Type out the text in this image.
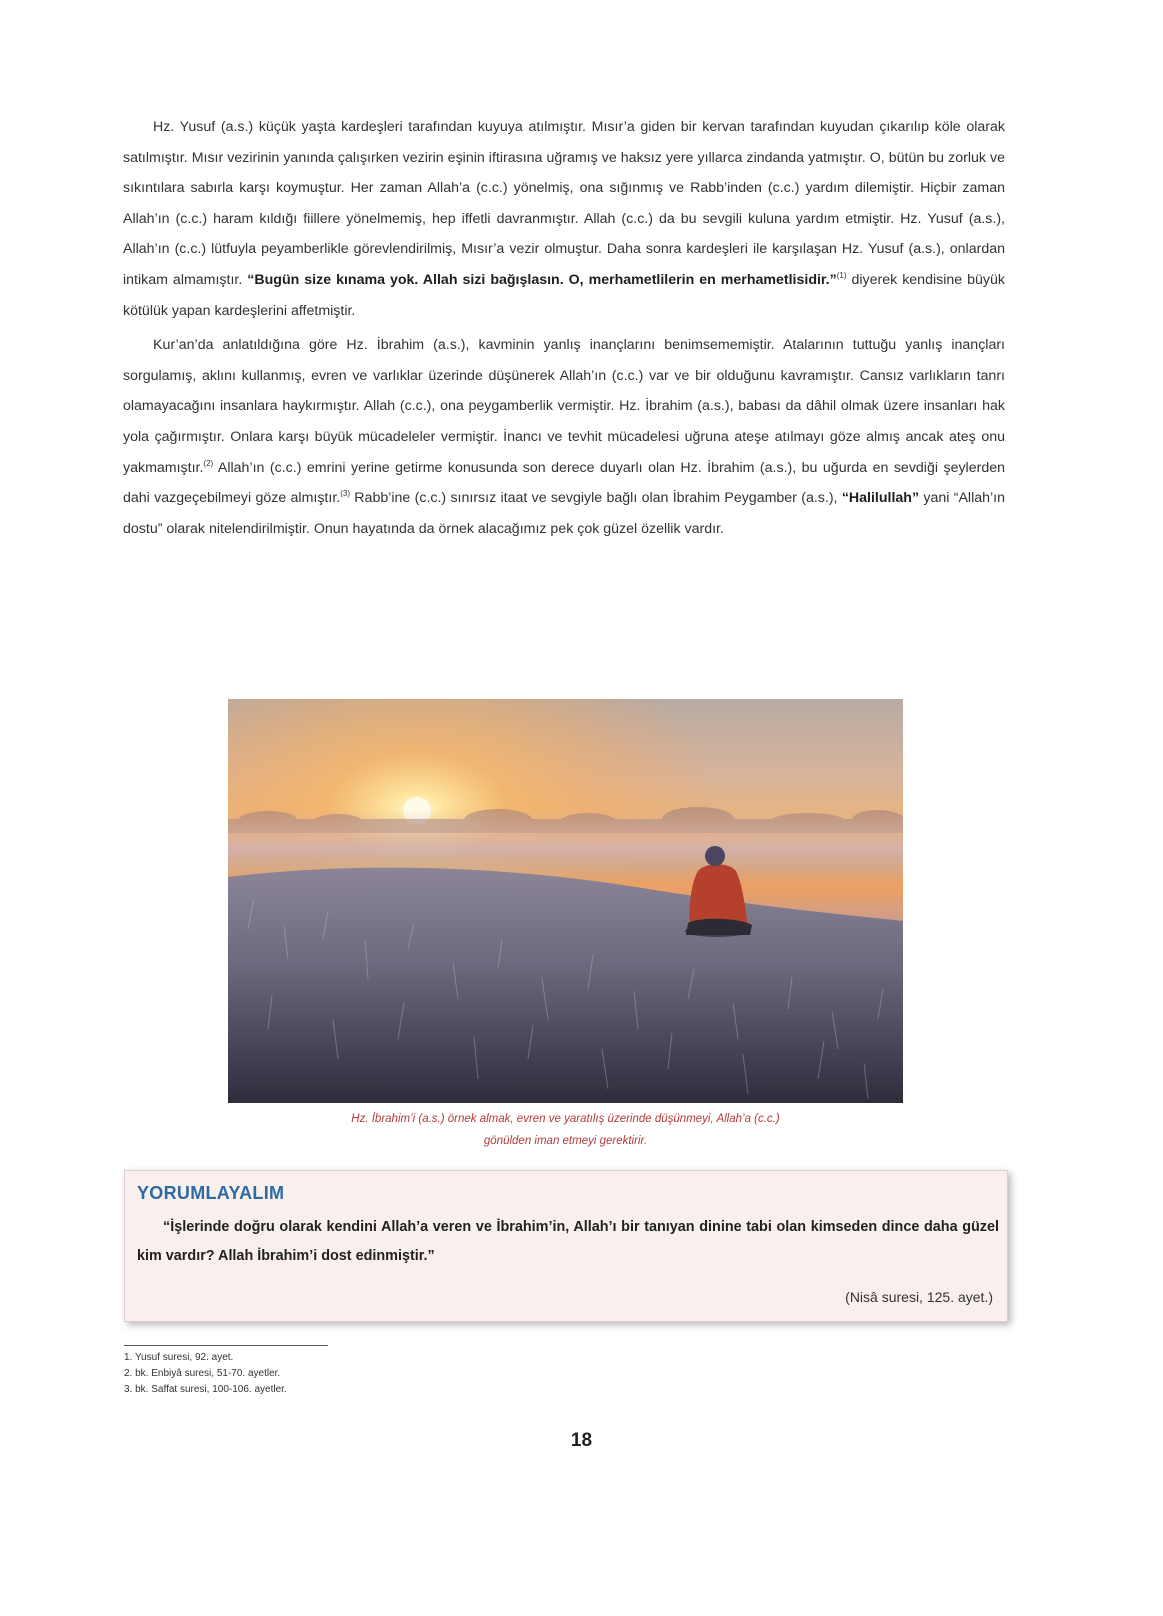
Hz. Yusuf (a.s.) küçük yaşta kardeşleri tarafından kuyuya atılmıştır. Mısır’a giden bir kervan tarafından kuyudan çıkarılıp köle olarak satılmıştır. Mısır vezirinin yanında çalışırken vezirin eşinin iftirasına uğramış ve haksız yere yıllarca zindanda yatmıştır. O, bütün bu zorluk ve sıkıntılara sabırla karşı koymuştur. Her zaman Allah’a (c.c.) yönelmiş, ona sığınmış ve Rabb’inden (c.c.) yardım dilemiştir. Hiçbir zaman Allah’ın (c.c.) haram kıldığı fiillere yönelmemiş, hep iffetli davranmıştır. Allah (c.c.) da bu sevgili kuluna yardım etmiştir. Hz. Yusuf (a.s.), Allah’ın (c.c.) lütfuyla peyamberlikle görevlendirilmiş, Mısır’a vezir olmuştur. Daha sonra kardeşleri ile karşılaşan Hz. Yusuf (a.s.), onlardan intikam almamıştır. “Bugün size kınama yok. Allah sizi bağışlasın. O, merhametlilerin en merhametlisidir.”$^{(1)}$ diyerek kendisine büyük kötülük yapan kardeşlerini affetmiştir.

Kur’an’da anlatıldığına göre Hz. İbrahim (a.s.), kavminin yanlış inançlarını benimsememiştir. Atalarının tuttuğu yanlış inançları sorgulamış, aklını kullanmış, evren ve varlıklar üzerinde düşünerek Allah’ın (c.c.) var ve bir olduğunu kavramıştır. Cansız varlıkların tanrı olamayacağını insanlara haykırmıştır. Allah (c.c.), ona peygamberlik vermiştir. Hz. İbrahim (a.s.), babası da dâhil olmak üzere insanları hak yola çağırmıştır. Onlara karşı büyük mücadeleler vermiştir. İnancı ve tevhit mücadelesi uğruna ateşe atılmayı göze almış ancak ateş onu yakmamıştır.$^{(2)}$ Allah’ın (c.c.) emrini yerine getirme konusunda son derece duyarlı olan Hz. İbrahim (a.s.), bu uğurda en sevdiği şeylerden dahi vazgeçebilmeyi göze almıştır.$^{(3)}$ Rabb’ine (c.c.) sınırsız itaat ve sevgiyle bağlı olan İbrahim Peygamber (a.s.), “Halilullah” yani “Allah’ın dostu” olarak nitelendirilmiştir. Onun hayatında da örnek alacağımız pek çok güzel özellik vardır.

Hz. İbrahim’i (a.s.) örnek almak, evren ve yaratılış üzerinde düşünmeyi, Allah’a (c.c.)
gönülden iman etmeyi gerektirir.
YORUMLAYALIM

“İşlerinde doğru olarak kendini Allah’a veren ve İbrahim’in, Allah’ı bir tanıyan dinine tabi olan kimseden dince daha güzel kim vardır? Allah İbrahim’i dost edinmiştir.”

(Nisâ suresi, 125. ayet.)

1. Yusuf suresi, 92. ayet.

2. bk. Enbiyâ suresi, 51-70. ayetler.

3. bk. Saffat suresi, 100-106. ayetler.

18
